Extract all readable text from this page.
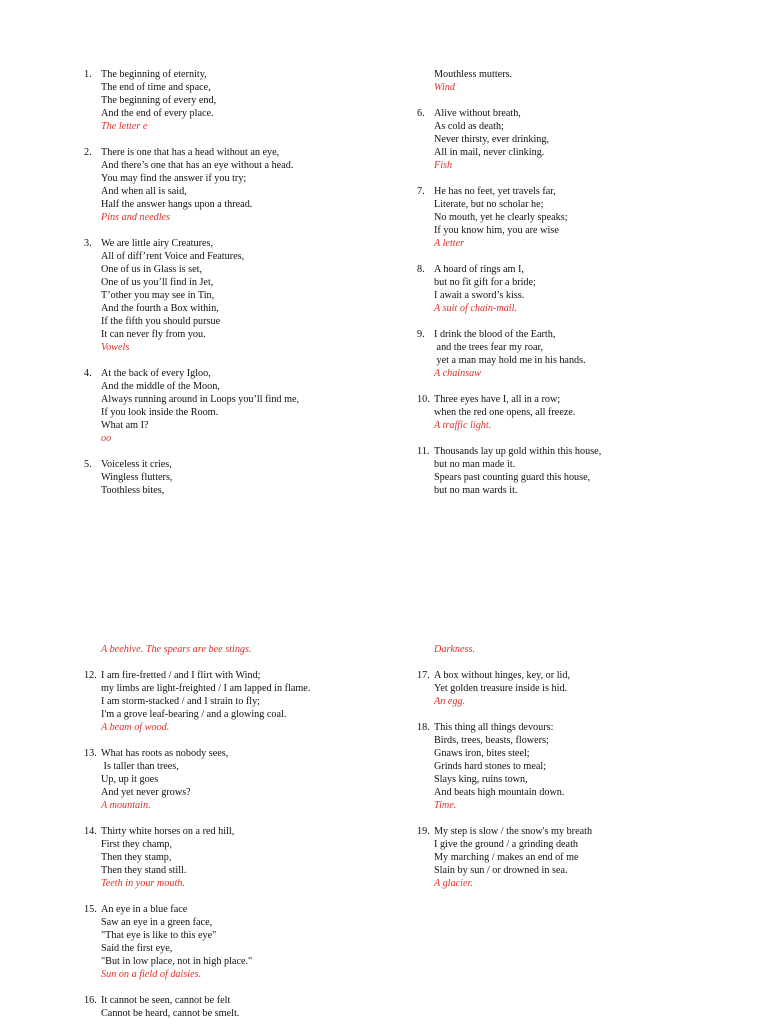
1. The beginning of eternity,
The end of time and space,
The beginning of every end,
And the end of every place.
The letter e
2. There is one that has a head without an eye,
And there’s one that has an eye without a head.
You may find the answer if you try;
And when all is said,
Half the answer hangs upon a thread.
Pins and needles
3. We are little airy Creatures,
All of diff’rent Voice and Features,
One of us in Glass is set,
One of us you’ll find in Jet,
T’other you may see in Tin,
And the fourth a Box within,
If the fifth you should pursue
It can never fly from you.
Vowels
4. At the back of every Igloo,
And the middle of the Moon,
Always running around in Loops you’ll find me,
If you look inside the Room.
What am I?
oo
5. Voiceless it cries,
Wingless flutters,
Toothless bites,
Mouthless mutters.
Wind
6. Alive without breath,
As cold as death;
Never thirsty, ever drinking,
All in mail, never clinking.
Fish
7. He has no feet, yet travels far,
Literate, but no scholar he;
No mouth, yet he clearly speaks;
If you know him, you are wise
A letter
8. A hoard of rings am I,
but no fit gift for a bride;
I await a sword’s kiss.
A suit of chain-mail.
9. I drink the blood of the Earth,
and the trees fear my roar,
yet a man may hold me in his hands.
A chainsaw
10. Three eyes have I, all in a row;
when the red one opens, all freeze.
A traffic light.
11. Thousands lay up gold within this house,
but no man made it.
Spears past counting guard this house,
but no man wards it.
A beehive. The spears are bee stings.
12. I am fire-fretted / and I flirt with Wind;
my limbs are light-freighted / I am lapped in flame.
I am storm-stacked / and I strain to fly;
I'm a grove leaf-bearing / and a glowing coal.
A beam of wood.
13. What has roots as nobody sees,
Is taller than trees,
Up, up it goes
And yet never grows?
A mountain.
14. Thirty white horses on a red hill,
First they champ,
Then they stamp,
Then they stand still.
Teeth in your mouth.
15. An eye in a blue face
Saw an eye in a green face,
"That eye is like to this eye"
Said the first eye,
"But in low place, not in high place."
Sun on a field of daisies.
16. It cannot be seen, cannot be felt
Cannot be heard, cannot be smelt.
Darkness.
17. A box without hinges, key, or lid,
Yet golden treasure inside is hid.
An egg.
18. This thing all things devours:
Birds, trees, beasts, flowers;
Gnaws iron, bites steel;
Grinds hard stones to meal;
Slays king, ruins town,
And beats high mountain down.
Time.
19. My step is slow / the snow's my breath
I give the ground / a grinding death
My marching / makes an end of me
Slain by sun / or drowned in sea.
A glacier.
